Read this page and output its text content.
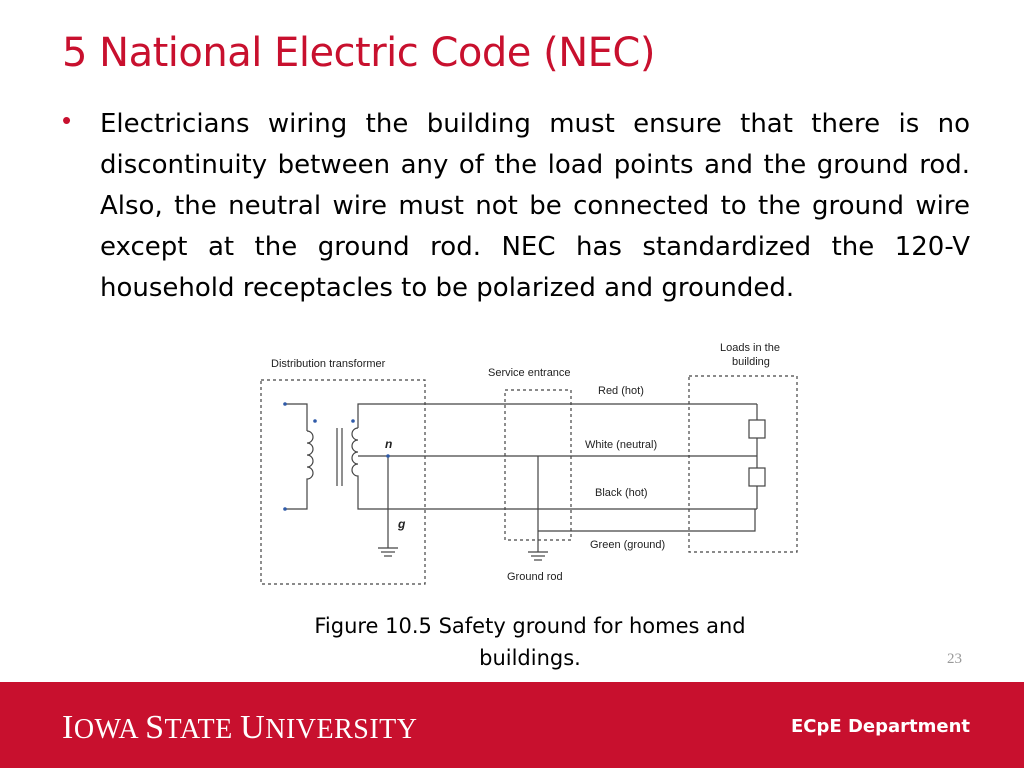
5 National Electric Code (NEC)
• Electricians wiring the building must ensure that there is no discontinuity between any of the load points and the ground rod. Also, the neutral wire must not be connected to the ground wire except at the ground rod. NEC has standardized the 120-V household receptacles to be polarized and grounded.

Distribution transformer
Service entrance
Loads in the
building
Red (hot)
White (neutral)
Black (hot)
Green (ground)
Ground rod
n
g
Figure 10.5 Safety ground for homes and buildings.	23
IOWA STATE UNIVERSITY	ECpE Department
